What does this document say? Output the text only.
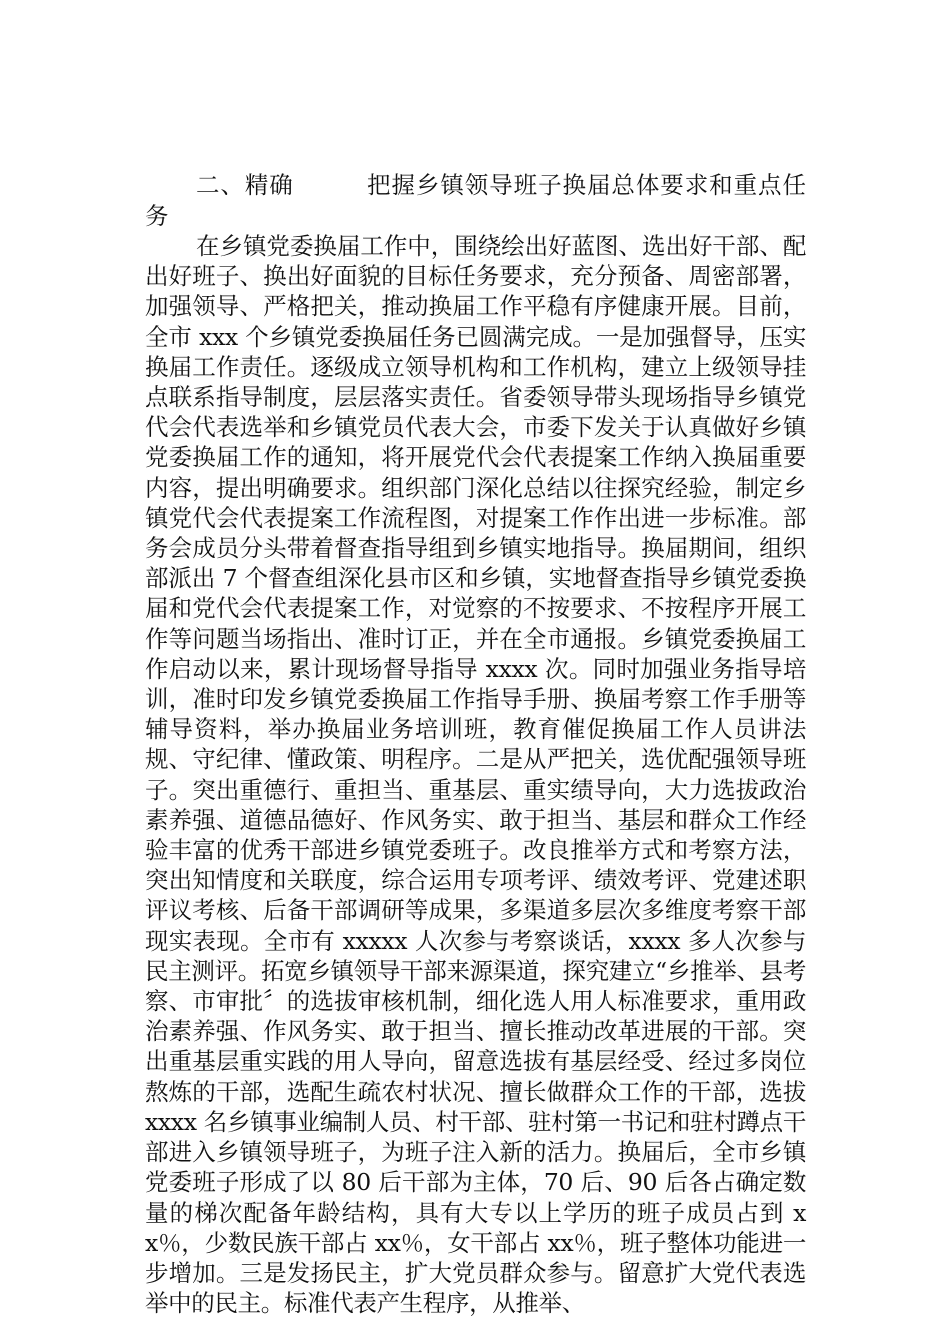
二、精确　　　把握乡镇领导班子换届总体要求和重点任务

在乡镇党委换届工作中，围绕绘出好蓝图、选出好干部、配出好班子、换出好面貌的目标任务要求，充分预备、周密部署，加强领导、严格把关，推动换届工作平稳有序健康开展。目前，全市 xxx 个乡镇党委换届任务已圆满完成。一是加强督导，压实换届工作责任。逐级成立领导机构和工作机构，建立上级领导挂点联系指导制度，层层落实责任。省委领导带头现场指导乡镇党代会代表选举和乡镇党员代表大会，市委下发关于认真做好乡镇党委换届工作的通知，将开展党代会代表提案工作纳入换届重要内容，提出明确要求。组织部门深化总结以往探究经验，制定乡镇党代会代表提案工作流程图，对提案工作作出进一步标准。部务会成员分头带着督查指导组到乡镇实地指导。换届期间，组织部派出 7 个督查组深化县市区和乡镇，实地督查指导乡镇党委换届和党代会代表提案工作，对觉察的不按要求、不按程序开展工作等问题当场指出、准时订正，并在全市通报。乡镇党委换届工作启动以来，累计现场督导指导 xxxx 次。同时加强业务指导培训，准时印发乡镇党委换届工作指导手册、换届考察工作手册等辅导资料，举办换届业务培训班，教育催促换届工作人员讲法规、守纪律、懂政策、明程序。二是从严把关，选优配强领导班子。突出重德行、重担当、重基层、重实绩导向，大力选拔政治素养强、道德品德好、作风务实、敢于担当、基层和群众工作经验丰富的优秀干部进乡镇党委班子。改良推举方式和考察方法，突出知情度和关联度，综合运用专项考评、绩效考评、党建述职评议考核、后备干部调研等成果，多渠道多层次多维度考察干部现实表现。全市有 xxxxx 人次参与考察谈话，xxxx 多人次参与民主测评。拓宽乡镇领导干部来源渠道，探究建立“乡推举、县考察、市审批〞的选拔审核机制，细化选人用人标准要求，重用政治素养强、作风务实、敢于担当、擅长推动改革进展的干部。突出重基层重实践的用人导向，留意选拔有基层经受、经过多岗位熬炼的干部，选配生疏农村状况、擅长做群众工作的干部，选拔 xxxx 名乡镇事业编制人员、村干部、驻村第一书记和驻村蹲点干部进入乡镇领导班子，为班子注入新的活力。换届后，全市乡镇党委班子形成了以 80 后干部为主体，70 后、90 后各占确定数量的梯次配备年龄结构，具有大专以上学历的班子成员占到 xx％，少数民族干部占 xx％，女干部占 xx％，班子整体功能进一步增加。三是发扬民主，扩大党员群众参与。留意扩大党代表选举中的民主。标准代表产生程序，从推举、
